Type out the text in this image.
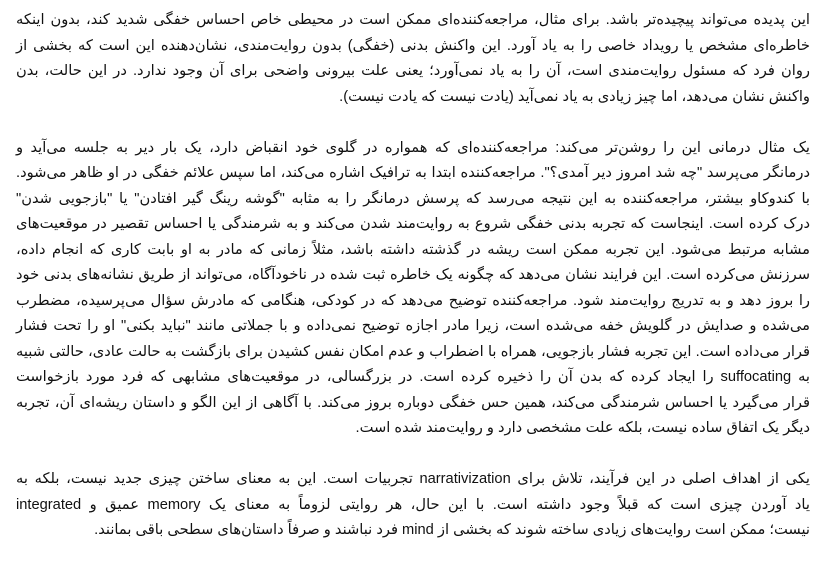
این پدیده می‌تواند پیچیده‌تر باشد. برای مثال، مراجعه‌کننده‌ای ممکن است در محیطی خاص احساس خفگی شدید کند، بدون اینکه
خاطره‌ای مشخص یا رویداد خاصی را به یاد آورد. این واکنش بدنی (خفگی) بدون روایت‌مندی، نشان‌دهنده این است که بخشی از
روان فرد که مسئول روایت‌مندی است، آن را به یاد نمی‌آورد؛ یعنی علت بیرونی واضحی برای آن وجود ندارد. در این حالت، بدن
واکنش نشان می‌دهد، اما چیز زیادی به یاد نمی‌آید (یادت نیست که یادت نیست).
یک مثال درمانی این را روشن‌تر می‌کند: مراجعه‌کننده‌ای که همواره در گلوی خود انقباض دارد، یک بار دیر به جلسه می‌آید و
درمانگر می‌پرسد "چه شد امروز دیر آمدی؟". مراجعه‌کننده ابتدا به ترافیک اشاره می‌کند، اما سپس علائم خفگی در او ظاهر می‌شود.
با کندوکاو بیشتر، مراجعه‌کننده به این نتیجه می‌رسد که پرسش درمانگر را به مثابه "گوشه رینگ گیر افتادن" یا "بازجویی شدن"
درک کرده است. اینجاست که تجربه بدنی خفگی شروع به روایت‌مند شدن می‌کند و به شرمندگی یا احساس تقصیر در موقعیت‌های
مشابه مرتبط می‌شود. این تجربه ممکن است ریشه در گذشته داشته باشد، مثلاً زمانی که مادر به او بابت کاری که انجام داده،
سرزنش می‌کرده است. این فرایند نشان می‌دهد که چگونه یک خاطره ثبت شده در ناخودآگاه، می‌تواند از طریق نشانه‌های بدنی خود
را بروز دهد و به تدریج روایت‌مند شود. مراجعه‌کننده توضیح می‌دهد که در کودکی، هنگامی که مادرش سؤال می‌پرسیده، مضطرب
می‌شده و صدایش در گلویش خفه می‌شده است، زیرا مادر اجازه توضیح نمی‌داده و با جملاتی مانند "نباید بکنی" او را تحت فشار
قرار می‌داده است. این تجربه فشار بازجویی، همراه با اضطراب و عدم امکان نفس کشیدن برای بازگشت به حالت عادی، حالتی شبیه
به suffocating را ایجاد کرده که بدن آن را ذخیره کرده است. در بزرگسالی، در موقعیت‌های مشابهی که فرد مورد بازخواست
قرار می‌گیرد یا احساس شرمندگی می‌کند، همین حس خفگی دوباره بروز می‌کند. با آگاهی از این الگو و داستان ریشه‌ای آن، تجربه
دیگر یک اتفاق ساده نیست، بلکه علت مشخصی دارد و روایت‌مند شده است.
یکی از اهداف اصلی در این فرآیند، تلاش برای narrativization تجربیات است. این به معنای ساختن چیزی جدید نیست، بلکه به
یاد آوردن چیزی است که قبلاً وجود داشته است. با این حال، هر روایتی لزوماً به معنای یک memory عمیق و integrated
نیست؛ ممکن است روایت‌های زیادی ساخته شوند که بخشی از mind فرد نباشند و صرفاً داستان‌های سطحی باقی بمانند.
